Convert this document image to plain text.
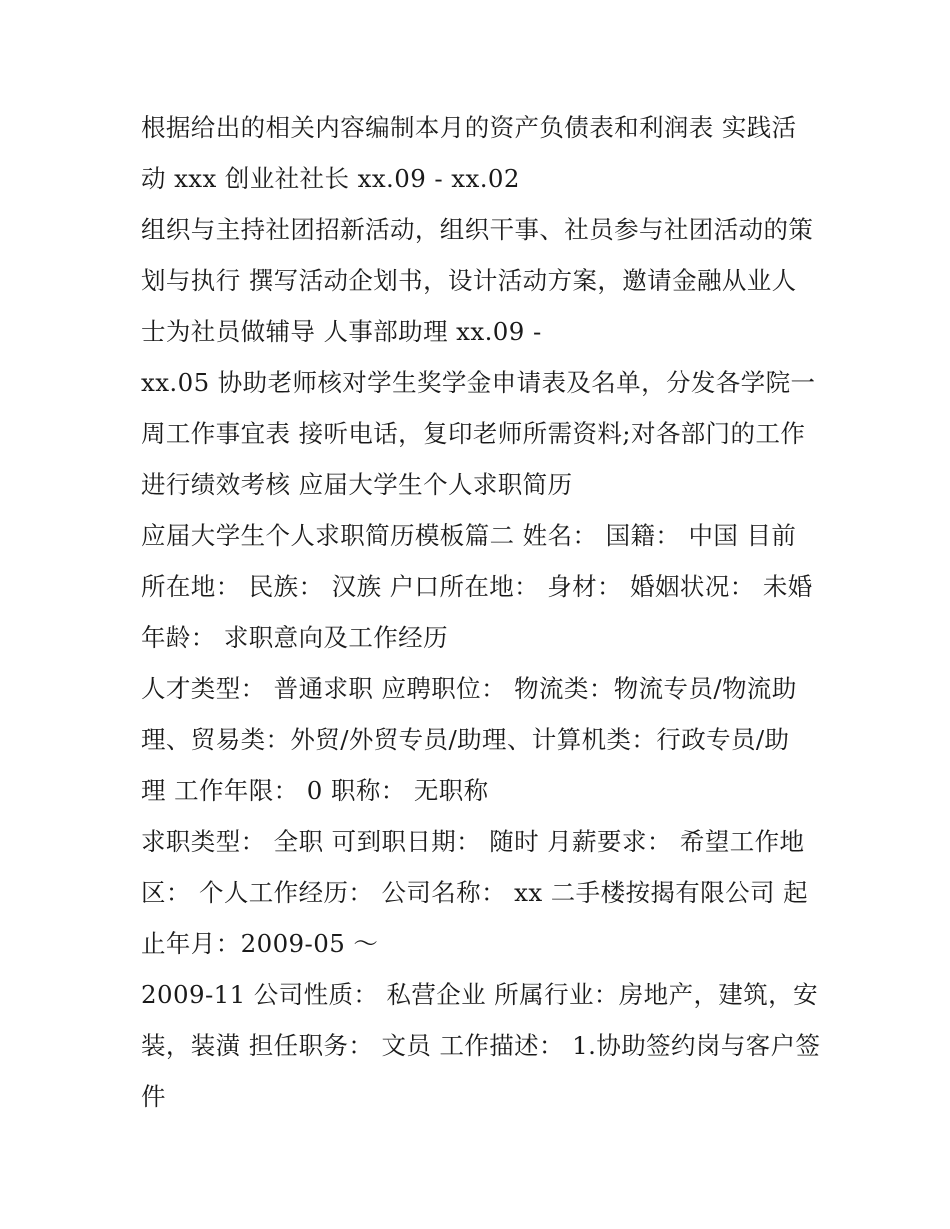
根据给出的相关内容编制本月的资产负债表和利润表 实践活
动 xxx 创业社社长 xx.09 - xx.02
组织与主持社团招新活动，组织干事、社员参与社团活动的策
划与执行 撰写活动企划书，设计活动方案，邀请金融从业人
士为社员做辅导 人事部助理 xx.09 -
xx.05 协助老师核对学生奖学金申请表及名单，分发各学院一
周工作事宜表 接听电话，复印老师所需资料;对各部门的工作
进行绩效考核 应届大学生个人求职简历
应届大学生个人求职简历模板篇二 姓名： 国籍： 中国 目前
所在地： 民族： 汉族 户口所在地： 身材： 婚姻状况： 未婚
年龄： 求职意向及工作经历
人才类型： 普通求职 应聘职位： 物流类：物流专员/物流助
理、贸易类：外贸/外贸专员/助理、计算机类：行政专员/助
理 工作年限： 0 职称： 无职称
求职类型： 全职 可到职日期： 随时 月薪要求： 希望工作地
区： 个人工作经历： 公司名称： xx 二手楼按揭有限公司 起
止年月：2009-05 ～
2009-11 公司性质： 私营企业 所属行业：房地产，建筑，安
装，装潢 担任职务： 文员 工作描述： 1.协助签约岗与客户签
件
